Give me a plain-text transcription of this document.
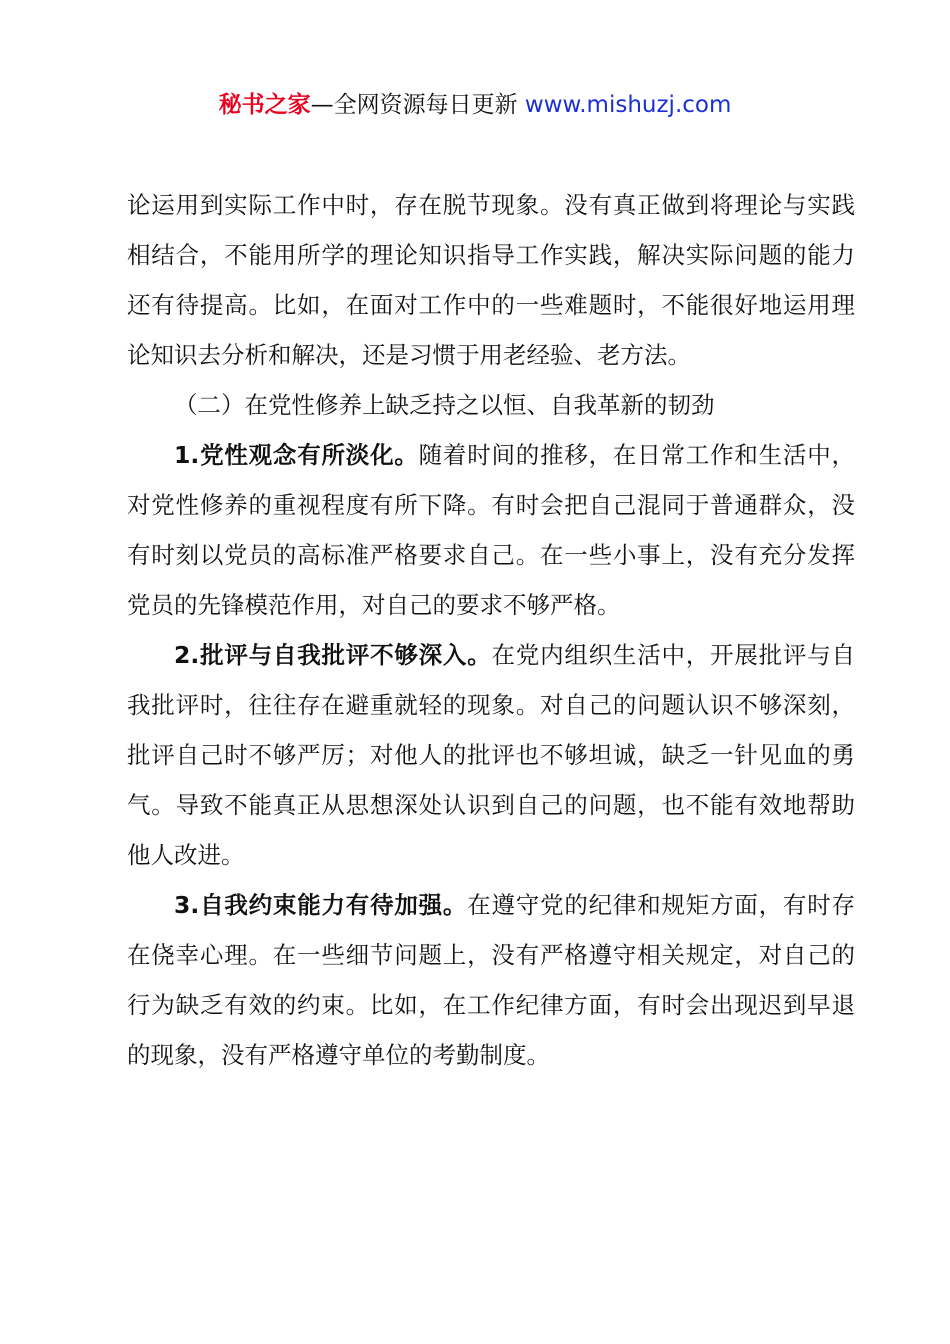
秘书之家—全网资源每日更新 www.mishuzj.com

论运用到实际工作中时，存在脱节现象。没有真正做到将理论与实践相结合，不能用所学的理论知识指导工作实践，解决实际问题的能力还有待提高。比如，在面对工作中的一些难题时，不能很好地运用理论知识去分析和解决，还是习惯于用老经验、老方法。

（二）在党性修养上缺乏持之以恒、自我革新的韧劲

1.党性观念有所淡化。随着时间的推移，在日常工作和生活中，对党性修养的重视程度有所下降。有时会把自己混同于普通群众，没有时刻以党员的高标准严格要求自己。在一些小事上，没有充分发挥党员的先锋模范作用，对自己的要求不够严格。

2.批评与自我批评不够深入。在党内组织生活中，开展批评与自我批评时，往往存在避重就轻的现象。对自己的问题认识不够深刻，批评自己时不够严厉；对他人的批评也不够坦诚，缺乏一针见血的勇气。导致不能真正从思想深处认识到自己的问题，也不能有效地帮助他人改进。

3.自我约束能力有待加强。在遵守党的纪律和规矩方面，有时存在侥幸心理。在一些细节问题上，没有严格遵守相关规定，对自己的行为缺乏有效的约束。比如，在工作纪律方面，有时会出现迟到早退的现象，没有严格遵守单位的考勤制度。
